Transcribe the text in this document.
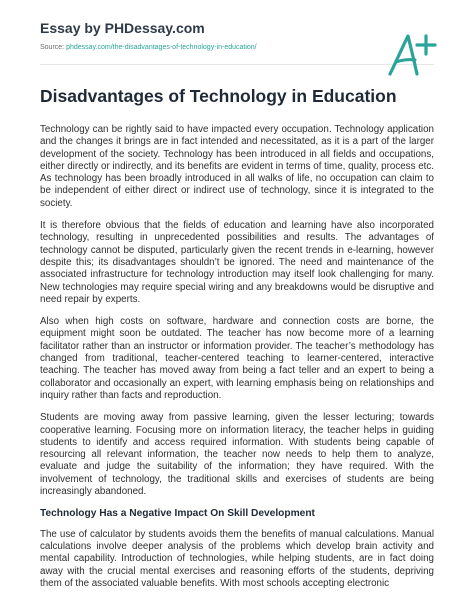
Essay by PHDessay.com
Source: phdessay.com/the-disadvantages-of-technology-in-education/
Disadvantages of Technology in Education

Technology can be rightly said to have impacted every occupation. Technology application and the changes it brings are in fact intended and necessitated, as it is a part of the larger development of the society. Technology has been introduced in all fields and occupations, either directly or indirectly, and its benefits are evident in terms of time, quality, process etc. As technology has been broadly introduced in all walks of life, no occupation can claim to be independent of either direct or indirect use of technology, since it is integrated to the society.

It is therefore obvious that the fields of education and learning have also incorporated technology, resulting in unprecedented possibilities and results. The advantages of technology cannot be disputed, particularly given the recent trends in e-learning, however despite this; its disadvantages shouldn’t be ignored. The need and maintenance of the associated infrastructure for technology introduction may itself look challenging for many. New technologies may require special wiring and any breakdowns would be disruptive and need repair by experts.

Also when high costs on software, hardware and connection costs are borne, the equipment might soon be outdated. The teacher has now become more of a learning facilitator rather than an instructor or information provider. The teacher’s methodology has changed from traditional, teacher-centered teaching to learner-centered, interactive teaching. The teacher has moved away from being a fact teller and an expert to being a collaborator and occasionally an expert, with learning emphasis being on relationships and inquiry rather than facts and reproduction.

Students are moving away from passive learning, given the lesser lecturing; towards cooperative learning. Focusing more on information literacy, the teacher helps in guiding students to identify and access required information. With students being capable of resourcing all relevant information, the teacher now needs to help them to analyze, evaluate and judge the suitability of the information; they have required. With the involvement of technology, the traditional skills and exercises of students are being increasingly abandoned.

Technology Has a Negative Impact On Skill Development

The use of calculator by students avoids them the benefits of manual calculations. Manual calculations involve deeper analysis of the problems which develop brain activity and mental capability. Introduction of technologies, while helping students, are in fact doing away with the crucial mental exercises and reasoning efforts of the students, depriving them of the associated valuable benefits. With most schools accepting electronic
